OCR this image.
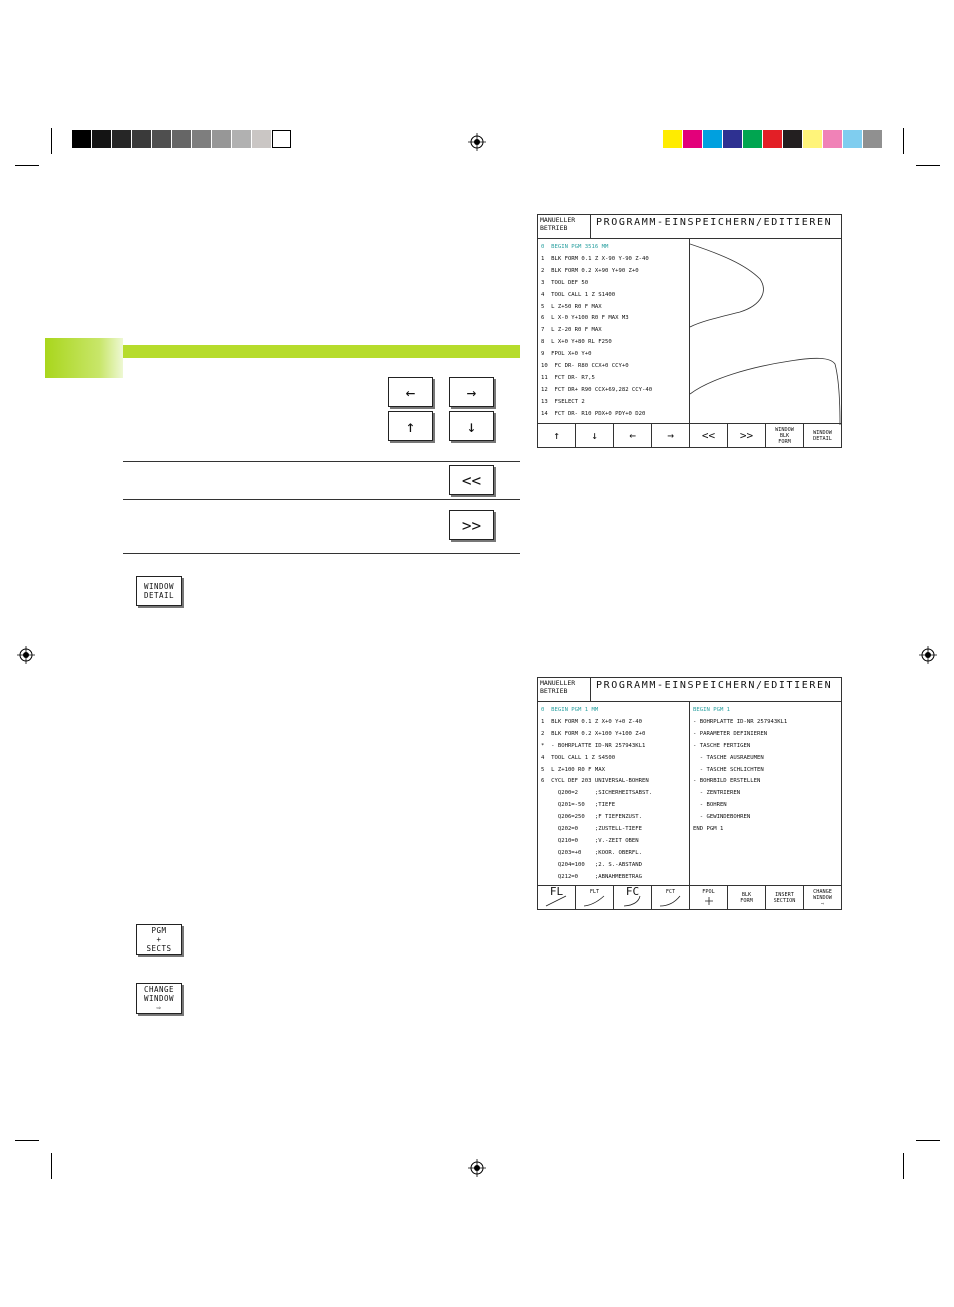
←	→
↑	↓
<<
>>
WINDOW
DETAIL
PGM
+
SECTS
CHANGE
WINDOW
⇨
MANUELLER
BETRIEB	PROGRAMM-EINSPEICHERN/EDITIEREN
0  BEGIN PGM 3516 MM
1  BLK FORM 0.1 Z X-90 Y-90 Z-40
2  BLK FORM 0.2 X+90 Y+90 Z+0
3  TOOL DEF 50
4  TOOL CALL 1 Z S1400
5  L Z+50 R0 F MAX
6  L X-0 Y+100 R0 F MAX M3
7  L Z-20 R0 F MAX
8  L X+0 Y+80 RL F250
9  FPOL X+0 Y+0
10  FC DR- R80 CCX+0 CCY+0
11  FCT DR- R7,5
12  FCT DR+ R90 CCX+69,282 CCY-40
13  FSELECT 2
14  FCT DR- R10 PDX+0 PDY+0 D20
↑	↓	←	→	<< >>	WINDOW
BLK
FORM
WINDOW
DETAIL
MANUELLER
BETRIEB	PROGRAMM-EINSPEICHERN/EDITIEREN
0  BEGIN PGM 1 MM
1  BLK FORM 0.1 Z X+0 Y+0 Z-40
2  BLK FORM 0.2 X+100 Y+100 Z+0
*  - BOHRPLATTE ID-NR 257943KL1
4  TOOL CALL 1 Z S4500
5  L Z+100 R0 F MAX
6  CYCL DEF 203 UNIVERSAL-BOHREN
Q200=2     ;SICHERHEITSABST.
Q201=-50   ;TIEFE
Q206=250   ;F TIEFENZUST.
Q202=0     ;ZUSTELL-TIEFE
Q210=0     ;V.-ZEIT OBEN
Q203=+0    ;KOOR. OBERFL.
Q204=100   ;2. S.-ABSTAND
Q212=0     ;ABNAHMEBETRAG
BEGIN PGM 1
- BOHRPLATTE ID-NR 257943KL1
- PARAMETER DEFINIEREN
- TASCHE FERTIGEN
- TASCHE AUSRAEUMEN
- TASCHE SCHLICHTEN
- BOHRBILD ERSTELLEN
- ZENTRIEREN
- BOHREN
- GEWINDEBOHREN
END PGM 1
FL	FLT FC	FCT	FPOL	BLK
FORM
INSERT
SECTION
CHANGE
WINDOW
⇨
